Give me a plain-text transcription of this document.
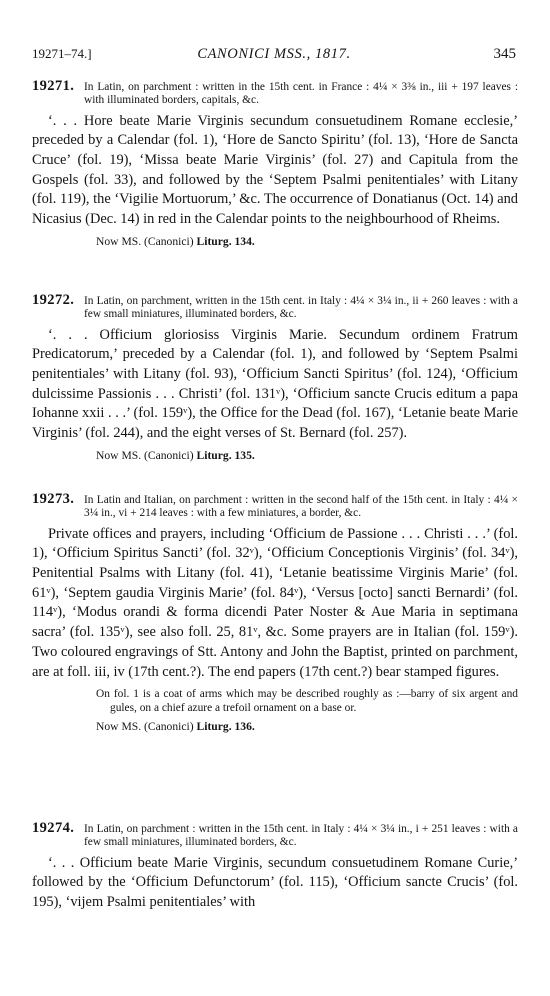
19271–74.]	CANONICI MSS., 1817.	345

19271. In Latin, on parchment : written in the 15th cent. in France : 4¼ × 3⅜ in., iii + 197 leaves : with illuminated borders, capitals, &c.

‘. . . Hore beate Marie Virginis secundum consuetudinem Romane ecclesie,’ preceded by a Calendar (fol. 1), ‘Hore de Sancto Spiritu’ (fol. 13), ‘Hore de Sancta Cruce’ (fol. 19), ‘Missa beate Marie Virginis’ (fol. 27) and Capitula from the Gospels (fol. 33), and followed by the ‘Septem Psalmi penitentiales’ with Litany (fol. 119), the ‘Vigilie Mortuorum,’ &c. The occurrence of Donatianus (Oct. 14) and Nicasius (Dec. 14) in red in the Calendar points to the neighbourhood of Rheims.

Now MS. (Canonici) Liturg. 134.

19272. In Latin, on parchment, written in the 15th cent. in Italy : 4¼ × 3¼ in., ii + 260 leaves : with a few small miniatures, illuminated borders, &c.

‘. . . Officium gloriosiss Virginis Marie. Secundum ordinem Fratrum Predicatorum,’ preceded by a Calendar (fol. 1), and followed by ‘Septem Psalmi penitentiales’ with Litany (fol. 93), ‘Officium Sancti Spiritus’ (fol. 124), ‘Officium dulcissime Passionis . . . Christi’ (fol. 131ᵛ), ‘Officium sancte Crucis editum a papa Iohanne xxii . . .’ (fol. 159ᵛ), the Office for the Dead (fol. 167), ‘Letanie beate Marie Virginis’ (fol. 244), and the eight verses of St. Bernard (fol. 257).

Now MS. (Canonici) Liturg. 135.

19273. In Latin and Italian, on parchment : written in the second half of the 15th cent. in Italy : 4¼ × 3¼ in., vi + 214 leaves : with a few miniatures, a border, &c.

Private offices and prayers, including ‘Officium de Passione . . . Christi . . .’ (fol. 1), ‘Officium Spiritus Sancti’ (fol. 32ᵛ), ‘Officium Conceptionis Virginis’ (fol. 34ᵛ), Penitential Psalms with Litany (fol. 41), ‘Letanie beatissime Virginis Marie’ (fol. 61ᵛ), ‘Septem gaudia Virginis Marie’ (fol. 84ᵛ), ‘Versus [octo] sancti Bernardi’ (fol. 114ᵛ), ‘Modus orandi & forma dicendi Pater Noster & Aue Maria in septimana sacra’ (fol. 135ᵛ), see also foll. 25, 81ᵛ, &c. Some prayers are in Italian (fol. 159ᵛ). Two coloured engravings of Stt. Antony and John the Baptist, printed on parchment, are at foll. iii, iv (17th cent.?). The end papers (17th cent.?) bear stamped figures.

On fol. 1 is a coat of arms which may be described roughly as :—barry of six argent and gules, on a chief azure a trefoil ornament on a base or.

Now MS. (Canonici) Liturg. 136.

19274. In Latin, on parchment : written in the 15th cent. in Italy : 4¼ × 3¼ in., i + 251 leaves : with a few small miniatures, illuminated borders, &c.

‘. . . Officium beate Marie Virginis, secundum consuetudinem Romane Curie,’ followed by the ‘Officium Defunctorum’ (fol. 115), ‘Officium sancte Crucis’ (fol. 195), ‘vijem Psalmi penitentiales’ with
